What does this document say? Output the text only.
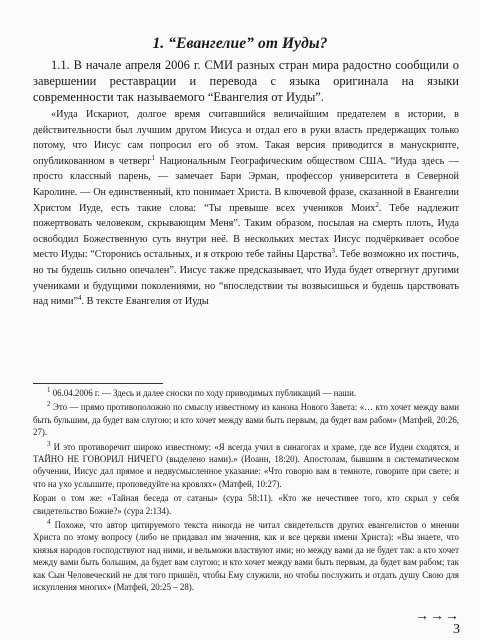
1. “Евангелие” от Иуды?

1.1. В начале апреля 2006 г. СМИ разных стран мира радостно сообщили о завершении реставрации и перевода с языка оригинала на языки современности так называемого “Евангелия от Иуды”.

«Иуда Искариот, долгое время считавшийся величайшим предателем в истории, в действительности был лучшим другом Иисуса и отдал его в руки власть предержащих только потому, что Иисус сам попросил его об этом. Такая версия приводится в манускрипте, опубликованном в четверг$^1$ Национальным Географическим обществом США. “Иуда здесь — просто классный парень, — замечает Бари Эрман, профессор университета в Северной Каролине. — Он единственный, кто понимает Христа. В ключевой фразе, сказанной в Евангелии Христом Иуде, есть такие слова: “Ты превыше всех учеников Моих$^2$. Тебе надлежит пожертвовать человеком, скрывающим Меня”. Таким образом, посылая на смерть плоть, Иуда освободил Божественную суть внутри неё. В нескольких местах Иисус подчёркивает особое место Иуды: “Сторонись остальных, и я открою тебе тайны Царства$^3$. Тебе возможно их постичь, но ты будешь сильно опечален”. Иисус также предсказывает, что Иуда будет отвергнут другими учениками и будущими поколениями, но “впоследствии ты возвысишься и будешь царствовать над ними”$^4$. В тексте Евангелия от Иуды

$^1$ 06.04.2006 г. — Здесь и далее сноски по ходу приводимых публикаций — наши.

$^2$ Это — прямо противоположно по смыслу известному из канона Нового Завета: «… кто хочет между вами быть бульшим, да будет вам слугою; и кто хочет между вами быть первым, да будет вам рабом» (Матфей, 20:26, 27).

$^3$ И это противоречит широко известному: «Я всегда учил в синагогах и храме, где все Иудеи сходятся, и ТАЙНО НЕ ГОВОРИЛ НИЧЕГО (выделено нами).» (Иоанн, 18:20). Апостолам, бывшим в систематическом обучении, Иисус дал прямое и недвусмысленное указание: «Что говорю вам в темноте, говорите при свете; и что на ухо услышите, проповедуйте на кровлях» (Матфей, 10:27).

Коран о том же: «Тайная беседа от сатаны» (сура 58:11). «Кто же нечестивее того, кто скрыл у себя свидетельство Божие?» (сура 2:134).

$^4$ Похоже, что автор цитируемого текста никогда не читал свидетельств других евангелистов о мнении Христа по этому вопросу (либо не придавал им значения, как и все церкви имени Христа): «Вы знаете, что князья народов господствуют над ними, и вельможи властвуют ими; но между вами да не будет так: а кто хочет между вами быть большим, да будет вам слугою; и кто хочет между вами быть первым, да будет вам рабом; так как Сын Человеческий не для того пришёл, чтобы Ему служили, но чтобы послужить и отдать душу Свою для искупления многих» (Матфей, 20:25 – 28).

→→→
3
